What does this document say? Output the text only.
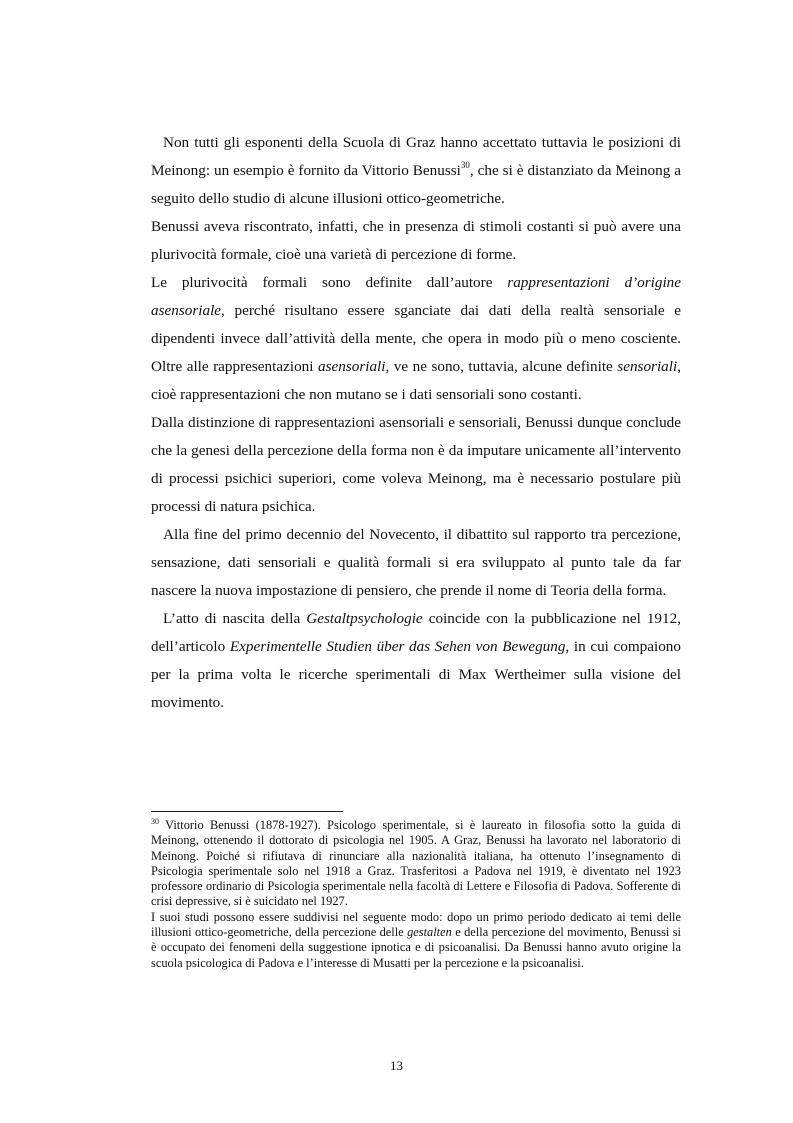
Non tutti gli esponenti della Scuola di Graz hanno accettato tuttavia le posizioni di Meinong: un esempio è fornito da Vittorio Benussi$^{30}$, che si è distanziato da Meinong a seguito dello studio di alcune illusioni ottico-geometriche.

Benussi aveva riscontrato, infatti, che in presenza di stimoli costanti si può avere una plurivocità formale, cioè una varietà di percezione di forme.

Le plurivocità formali sono definite dall’autore rappresentazioni d’origine asensoriale, perché risultano essere sganciate dai dati della realtà sensoriale e dipendenti invece dall’attività della mente, che opera in modo più o meno cosciente. Oltre alle rappresentazioni asensoriali, ve ne sono, tuttavia, alcune definite sensoriali, cioè rappresentazioni che non mutano se i dati sensoriali sono costanti.

Dalla distinzione di rappresentazioni asensoriali e sensoriali, Benussi dunque conclude che la genesi della percezione della forma non è da imputare unicamente all’intervento di processi psichici superiori, come voleva Meinong, ma è necessario postulare più processi di natura psichica.

Alla fine del primo decennio del Novecento, il dibattito sul rapporto tra percezione, sensazione, dati sensoriali e qualità formali si era sviluppato al punto tale da far nascere la nuova impostazione di pensiero, che prende il nome di Teoria della forma.

L’atto di nascita della Gestaltpsychologie coincide con la pubblicazione nel 1912, dell’articolo Experimentelle Studien über das Sehen von Bewegung, in cui compaiono per la prima volta le ricerche sperimentali di Max Wertheimer sulla visione del movimento.

$^{30}$ Vittorio Benussi (1878-1927). Psicologo sperimentale, si è laureato in filosofia sotto la guida di Meinong, ottenendo il dottorato di psicologia nel 1905. A Graz, Benussi ha lavorato nel laboratorio di Meinong. Poiché si rifiutava di rinunciare alla nazionalità italiana, ha ottenuto l’insegnamento di Psicologia sperimentale solo nel 1918 a Graz. Trasferitosi a Padova nel 1919, è diventato nel 1923 professore ordinario di Psicologia sperimentale nella facoltà di Lettere e Filosofia di Padova. Sofferente di crisi depressive, si è suicidato nel 1927.

I suoi studi possono essere suddivisi nel seguente modo: dopo un primo periodo dedicato ai temi delle illusioni ottico-geometriche, della percezione delle gestalten e della percezione del movimento, Benussi si è occupato dei fenomeni della suggestione ipnotica e di psicoanalisi. Da Benussi hanno avuto origine la scuola psicologica di Padova e l’interesse di Musatti per la percezione e la psicoanalisi.

13
